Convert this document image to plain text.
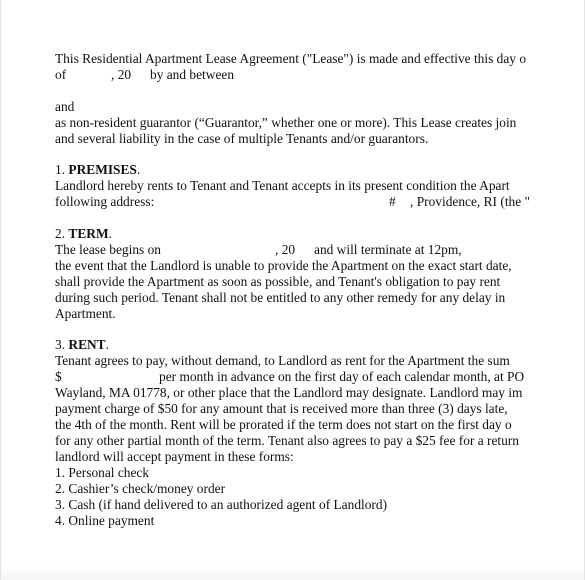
This Residential Apartment Lease Agreement ("Lease") is made and effective this day o
of	, 20 by and between
and
as non-resident guarantor (“Guarantor,” whether one or more). This Lease creates join
and several liability in the case of multiple Tenants and/or guarantors.
1. PREMISES.
Landlord hereby rents to Tenant and Tenant accepts in its present condition the Apart
following address:	# , Providence, RI (the "
2. TERM.
The lease begins on	, 20 and will terminate at 12pm,
the event that the Landlord is unable to provide the Apartment on the exact start date,
shall provide the Apartment as soon as possible, and Tenant's obligation to pay rent
during such period. Tenant shall not be entitled to any other remedy for any delay in
Apartment.
3. RENT.
Tenant agrees to pay, without demand, to Landlord as rent for the Apartment the sum
$	per month in advance on the first day of each calendar month, at PO
Wayland, MA 01778, or other place that the Landlord may designate. Landlord may im
payment charge of $50 for any amount that is received more than three (3) days late,
the 4th of the month. Rent will be prorated if the term does not start on the first day o
for any other partial month of the term. Tenant also agrees to pay a $25 fee for a return
landlord will accept payment in these forms:
1. Personal check
2. Cashier’s check/money order
3. Cash (if hand delivered to an authorized agent of Landlord)
4. Online payment
